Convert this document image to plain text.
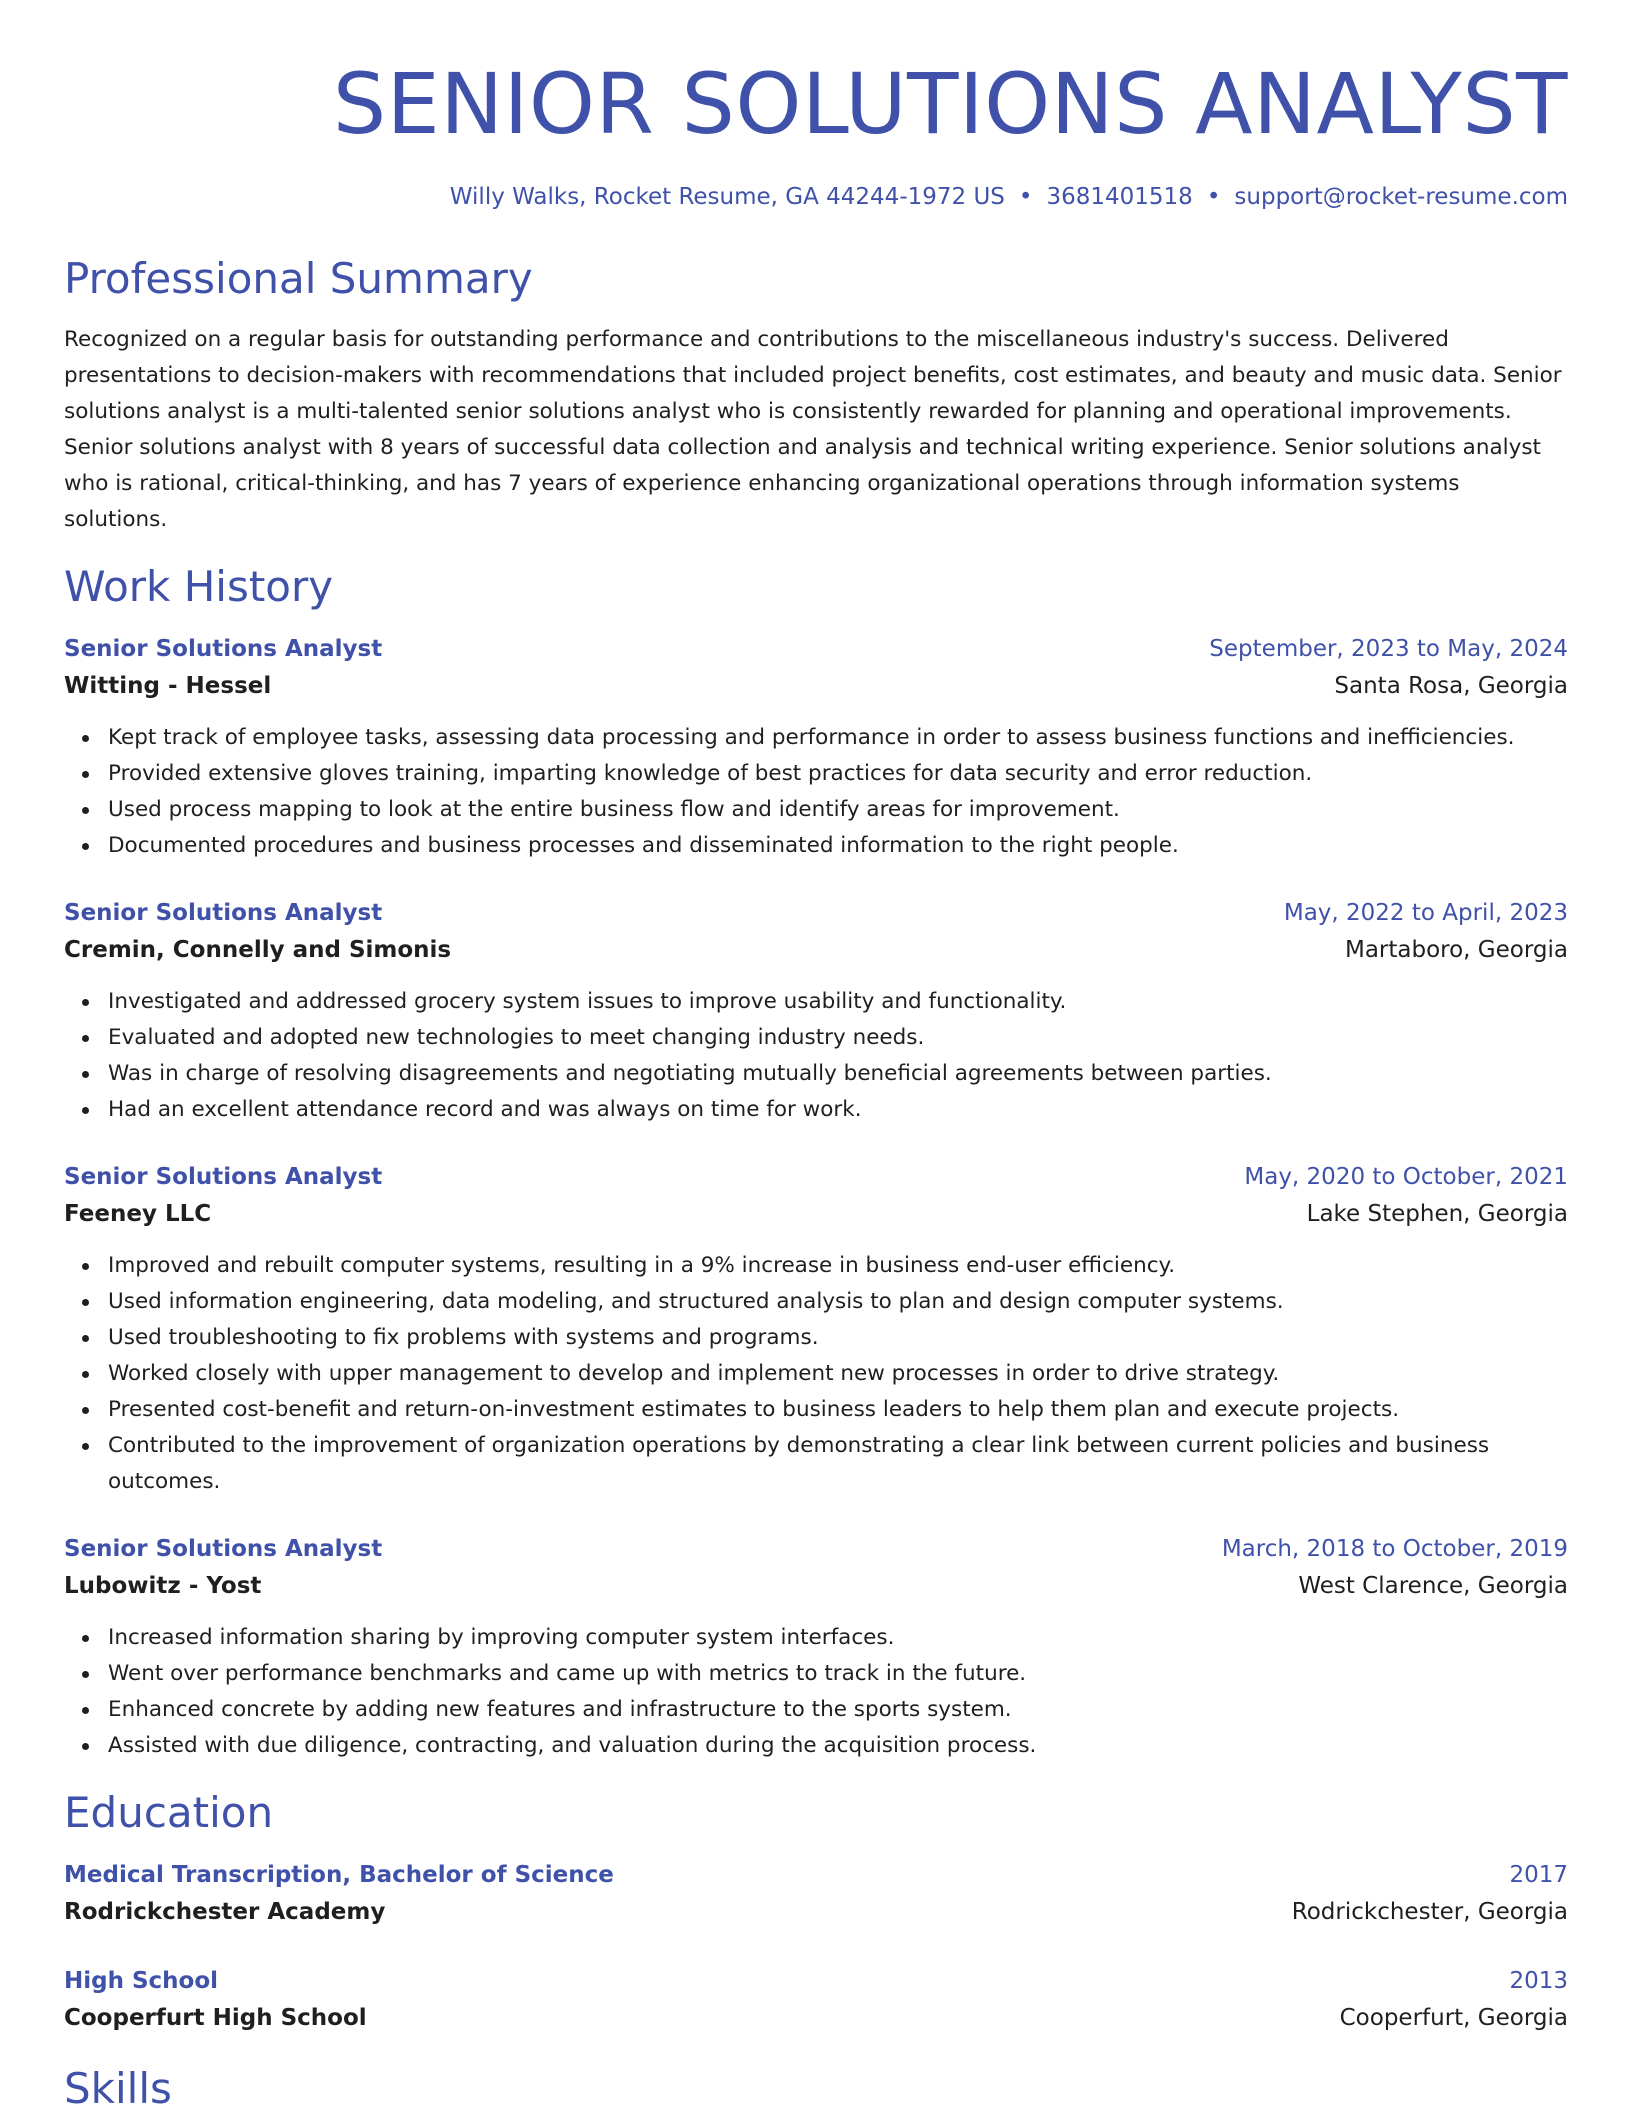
SENIOR SOLUTIONS ANALYST
Willy Walks, Rocket Resume, GA 44244-1972 US • 3681401518 • support@rocket-resume.com
Professional Summary

Recognized on a regular basis for outstanding performance and contributions to the miscellaneous industry's success. Delivered presentations to decision-makers with recommendations that included project benefits, cost estimates, and beauty and music data. Senior solutions analyst is a multi-talented senior solutions analyst who is consistently rewarded for planning and operational improvements. Senior solutions analyst with 8 years of successful data collection and analysis and technical writing experience. Senior solutions analyst who is rational, critical-thinking, and has 7 years of experience enhancing organizational operations through information systems solutions.

Work History
Senior Solutions Analyst	September, 2023 to May, 2024
Witting - Hessel	Santa Rosa, Georgia
Kept track of employee tasks, assessing data processing and performance in order to assess business functions and inefficiencies.
Provided extensive gloves training, imparting knowledge of best practices for data security and error reduction.
Used process mapping to look at the entire business flow and identify areas for improvement.
Documented procedures and business processes and disseminated information to the right people.
Senior Solutions Analyst	May, 2022 to April, 2023
Cremin, Connelly and Simonis	Martaboro, Georgia
Investigated and addressed grocery system issues to improve usability and functionality.
Evaluated and adopted new technologies to meet changing industry needs.
Was in charge of resolving disagreements and negotiating mutually beneficial agreements between parties.
Had an excellent attendance record and was always on time for work.
Senior Solutions Analyst	May, 2020 to October, 2021
Feeney LLC	Lake Stephen, Georgia
Improved and rebuilt computer systems, resulting in a 9% increase in business end-user efficiency.
Used information engineering, data modeling, and structured analysis to plan and design computer systems.
Used troubleshooting to fix problems with systems and programs.
Worked closely with upper management to develop and implement new processes in order to drive strategy.
Presented cost-benefit and return-on-investment estimates to business leaders to help them plan and execute projects.
Contributed to the improvement of organization operations by demonstrating a clear link between current policies and business outcomes.
Senior Solutions Analyst	March, 2018 to October, 2019
Lubowitz - Yost	West Clarence, Georgia
Increased information sharing by improving computer system interfaces.
Went over performance benchmarks and came up with metrics to track in the future.
Enhanced concrete by adding new features and infrastructure to the sports system.
Assisted with due diligence, contracting, and valuation during the acquisition process.
Education
Medical Transcription, Bachelor of Science	2017
Rodrickchester Academy	Rodrickchester, Georgia
High School	2013
Cooperfurt High School	Cooperfurt, Georgia
Skills
